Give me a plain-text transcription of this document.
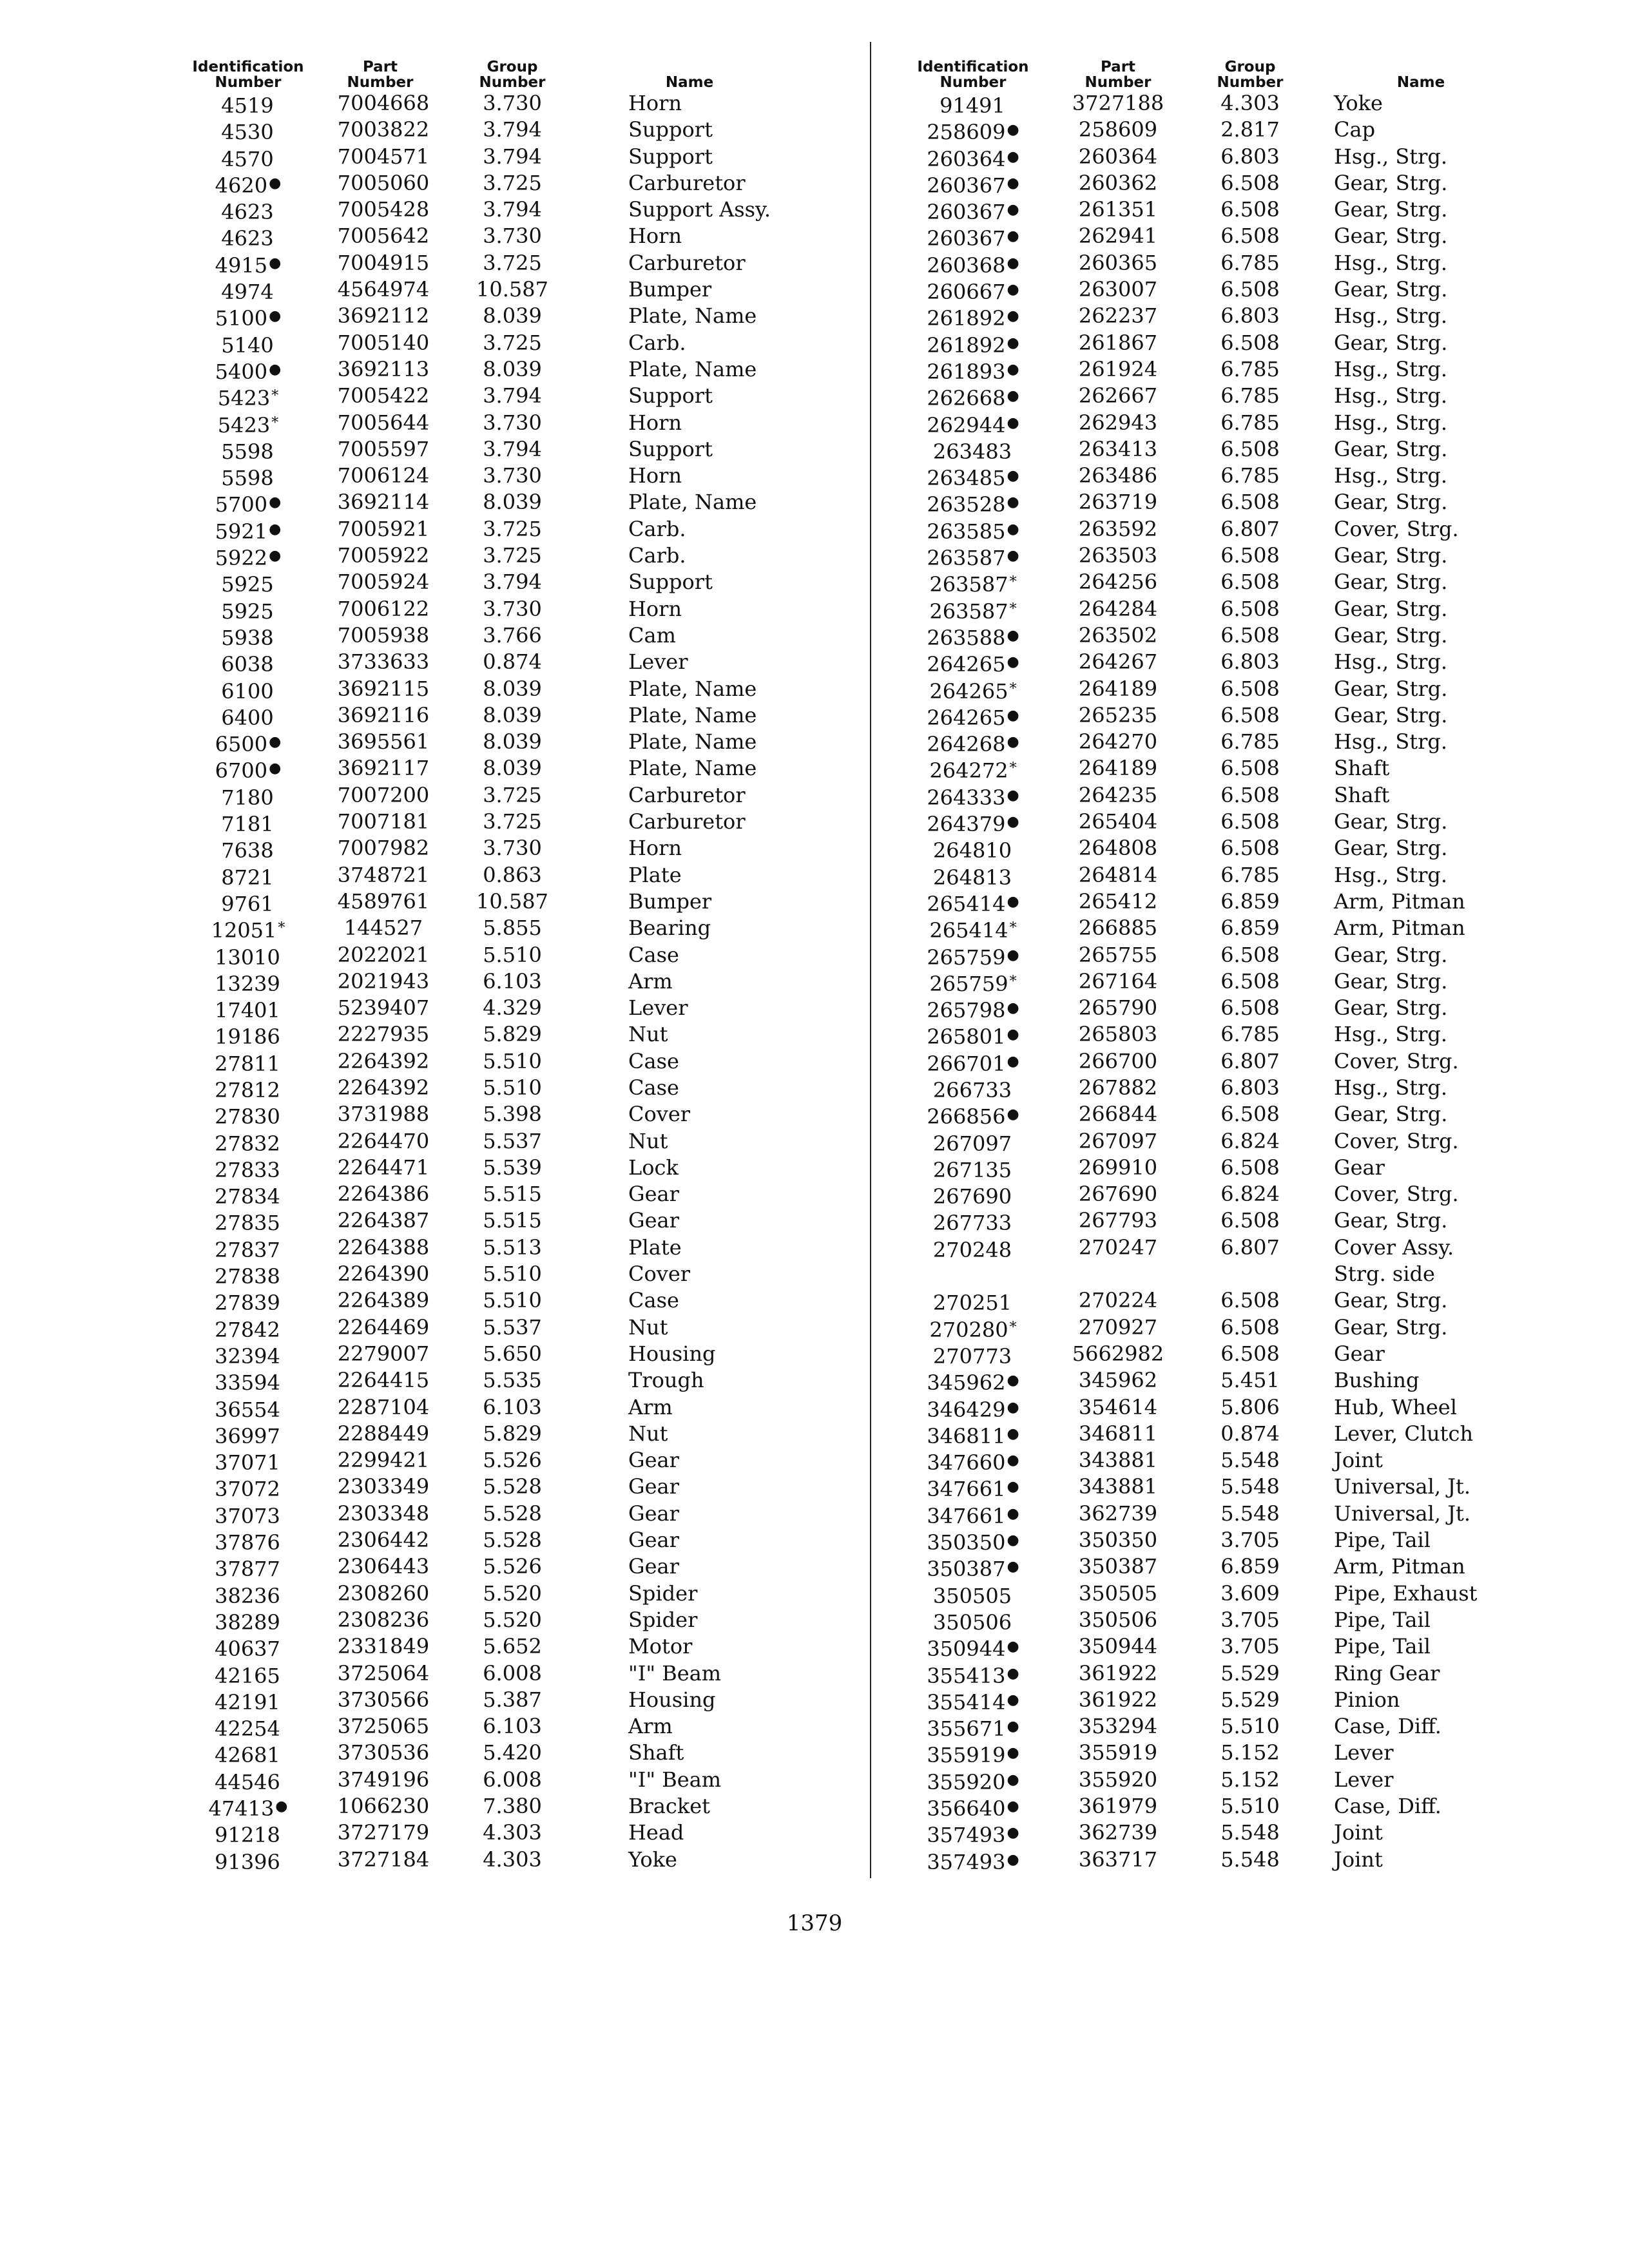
Identification
Number
Part
Number
Group
Number	Name
4519	7004668	3.730	Horn
4530	7003822	3.794	Support
4570	7004571	3.794	Support
4620●	7005060	3.725	Carburetor
4623	7005428	3.794	Support Assy.
4623	7005642	3.730	Horn
4915●	7004915	3.725	Carburetor
4974	4564974	10.587	Bumper
5100●	3692112	8.039	Plate, Name
5140	7005140	3.725	Carb.
5400●	3692113	8.039	Plate, Name
5423*	7005422	3.794	Support
5423*	7005644	3.730	Horn
5598	7005597	3.794	Support
5598	7006124	3.730	Horn
5700●	3692114	8.039	Plate, Name
5921●	7005921	3.725	Carb.
5922●	7005922	3.725	Carb.
5925	7005924	3.794	Support
5925	7006122	3.730	Horn
5938	7005938	3.766	Cam
6038	3733633	0.874	Lever
6100	3692115	8.039	Plate, Name
6400	3692116	8.039	Plate, Name
6500●	3695561	8.039	Plate, Name
6700●	3692117	8.039	Plate, Name
7180	7007200	3.725	Carburetor
7181	7007181	3.725	Carburetor
7638	7007982	3.730	Horn
8721	3748721	0.863	Plate
9761	4589761	10.587	Bumper
12051*	144527	5.855	Bearing
13010	2022021	5.510	Case
13239	2021943	6.103	Arm
17401	5239407	4.329	Lever
19186	2227935	5.829	Nut
27811	2264392	5.510	Case
27812	2264392	5.510	Case
27830	3731988	5.398	Cover
27832	2264470	5.537	Nut
27833	2264471	5.539	Lock
27834	2264386	5.515	Gear
27835	2264387	5.515	Gear
27837	2264388	5.513	Plate
27838	2264390	5.510	Cover
27839	2264389	5.510	Case
27842	2264469	5.537	Nut
32394	2279007	5.650	Housing
33594	2264415	5.535	Trough
36554	2287104	6.103	Arm
36997	2288449	5.829	Nut
37071	2299421	5.526	Gear
37072	2303349	5.528	Gear
37073	2303348	5.528	Gear
37876	2306442	5.528	Gear
37877	2306443	5.526	Gear
38236	2308260	5.520	Spider
38289	2308236	5.520	Spider
40637	2331849	5.652	Motor
42165	3725064	6.008	"I" Beam
42191	3730566	5.387	Housing
42254	3725065	6.103	Arm
42681	3730536	5.420	Shaft
44546	3749196	6.008	"I" Beam
47413●	1066230	7.380	Bracket
91218	3727179	4.303	Head
91396	3727184	4.303	Yoke
Identification
Number
Part
Number
Group
Number	Name
91491	3727188	4.303	Yoke
258609●	258609	2.817	Cap
260364●	260364	6.803	Hsg., Strg.
260367●	260362	6.508	Gear, Strg.
260367●	261351	6.508	Gear, Strg.
260367●	262941	6.508	Gear, Strg.
260368●	260365	6.785	Hsg., Strg.
260667●	263007	6.508	Gear, Strg.
261892●	262237	6.803	Hsg., Strg.
261892●	261867	6.508	Gear, Strg.
261893●	261924	6.785	Hsg., Strg.
262668●	262667	6.785	Hsg., Strg.
262944●	262943	6.785	Hsg., Strg.
263483	263413	6.508	Gear, Strg.
263485●	263486	6.785	Hsg., Strg.
263528●	263719	6.508	Gear, Strg.
263585●	263592	6.807	Cover, Strg.
263587●	263503	6.508	Gear, Strg.
263587*	264256	6.508	Gear, Strg.
263587*	264284	6.508	Gear, Strg.
263588●	263502	6.508	Gear, Strg.
264265●	264267	6.803	Hsg., Strg.
264265*	264189	6.508	Gear, Strg.
264265●	265235	6.508	Gear, Strg.
264268●	264270	6.785	Hsg., Strg.
264272*	264189	6.508	Shaft
264333●	264235	6.508	Shaft
264379●	265404	6.508	Gear, Strg.
264810	264808	6.508	Gear, Strg.
264813	264814	6.785	Hsg., Strg.
265414●	265412	6.859	Arm, Pitman
265414*	266885	6.859	Arm, Pitman
265759●	265755	6.508	Gear, Strg.
265759*	267164	6.508	Gear, Strg.
265798●	265790	6.508	Gear, Strg.
265801●	265803	6.785	Hsg., Strg.
266701●	266700	6.807	Cover, Strg.
266733	267882	6.803	Hsg., Strg.
266856●	266844	6.508	Gear, Strg.
267097	267097	6.824	Cover, Strg.
267135	269910	6.508	Gear
267690	267690	6.824	Cover, Strg.
267733	267793	6.508	Gear, Strg.
270248	270247	6.807	Cover Assy.
Strg. side
270251	270224	6.508	Gear, Strg.
270280*	270927	6.508	Gear, Strg.
270773	5662982	6.508	Gear
345962●	345962	5.451	Bushing
346429●	354614	5.806	Hub, Wheel
346811●	346811	0.874	Lever, Clutch
347660●	343881	5.548	Joint
347661●	343881	5.548	Universal, Jt.
347661●	362739	5.548	Universal, Jt.
350350●	350350	3.705	Pipe, Tail
350387●	350387	6.859	Arm, Pitman
350505	350505	3.609	Pipe, Exhaust
350506	350506	3.705	Pipe, Tail
350944●	350944	3.705	Pipe, Tail
355413●	361922	5.529	Ring Gear
355414●	361922	5.529	Pinion
355671●	353294	5.510	Case, Diff.
355919●	355919	5.152	Lever
355920●	355920	5.152	Lever
356640●	361979	5.510	Case, Diff.
357493●	362739	5.548	Joint
357493●	363717	5.548	Joint
1379
